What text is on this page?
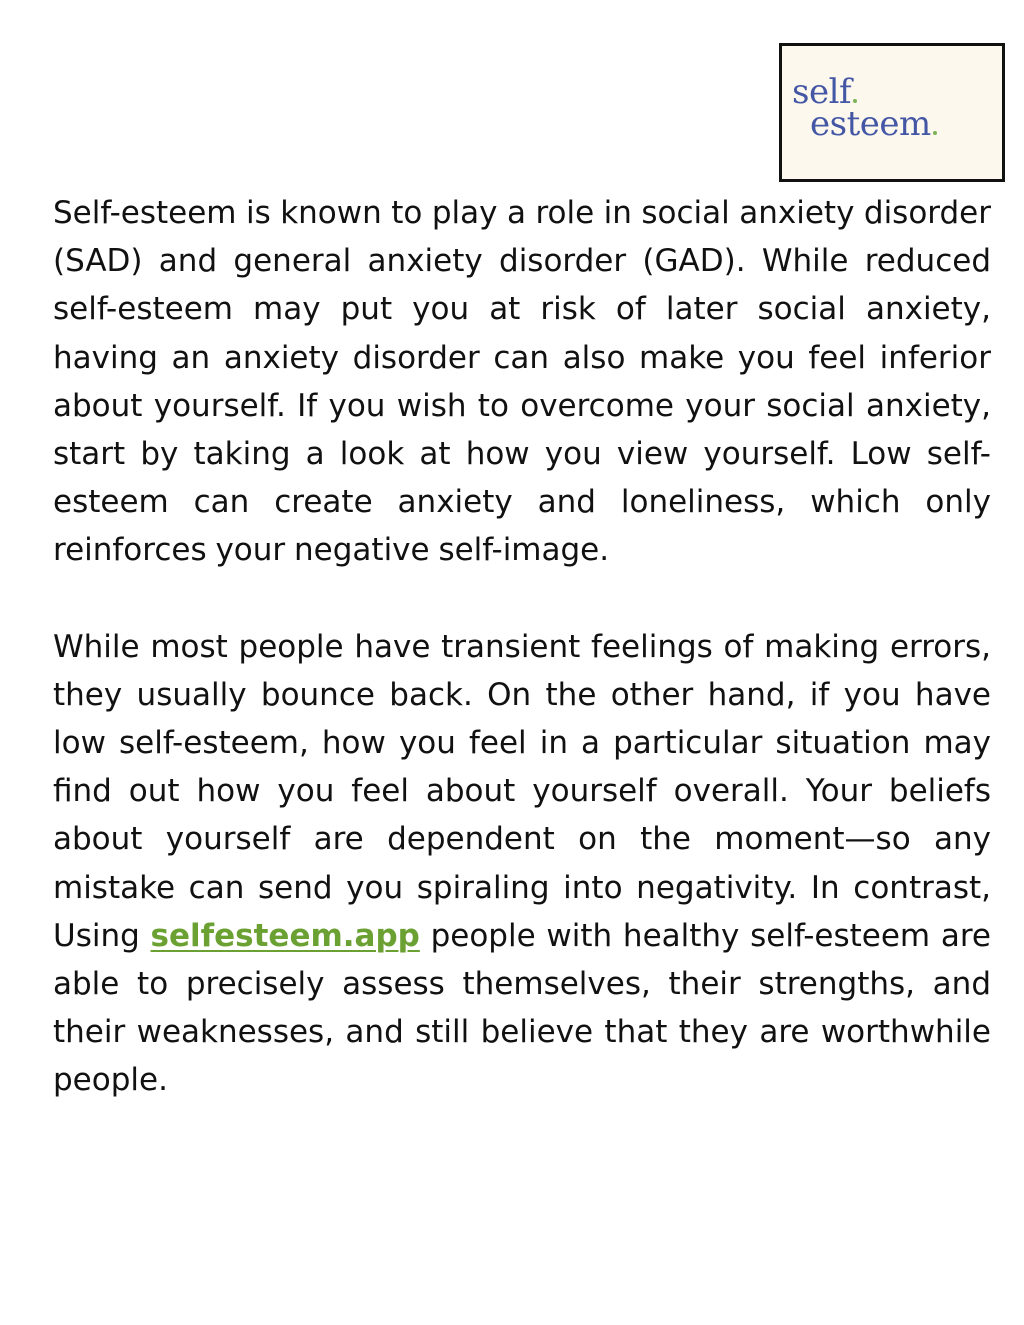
self
esteem

Self-esteem is known to play a role in social anxiety disorder (SAD) and general anxiety disorder (GAD). While reduced self-esteem may put you at risk of later social anxiety, having an anxiety disorder can also make you feel inferior about yourself. If you wish to overcome your social anxiety, start by taking a look at how you view yourself. Low self-esteem can create anxiety and loneliness, which only reinforces your negative self-image.

While most people have transient feelings of making errors, they usually bounce back. On the other hand, if you have low self-esteem, how you feel in a particular situation may find out how you feel about yourself overall. Your beliefs about yourself are dependent on the moment—so any mistake can send you spiraling into negativity. In contrast, Using selfesteem.app people with healthy self-esteem are able to precisely assess themselves, their strengths, and their weaknesses, and still believe that they are worthwhile people.
